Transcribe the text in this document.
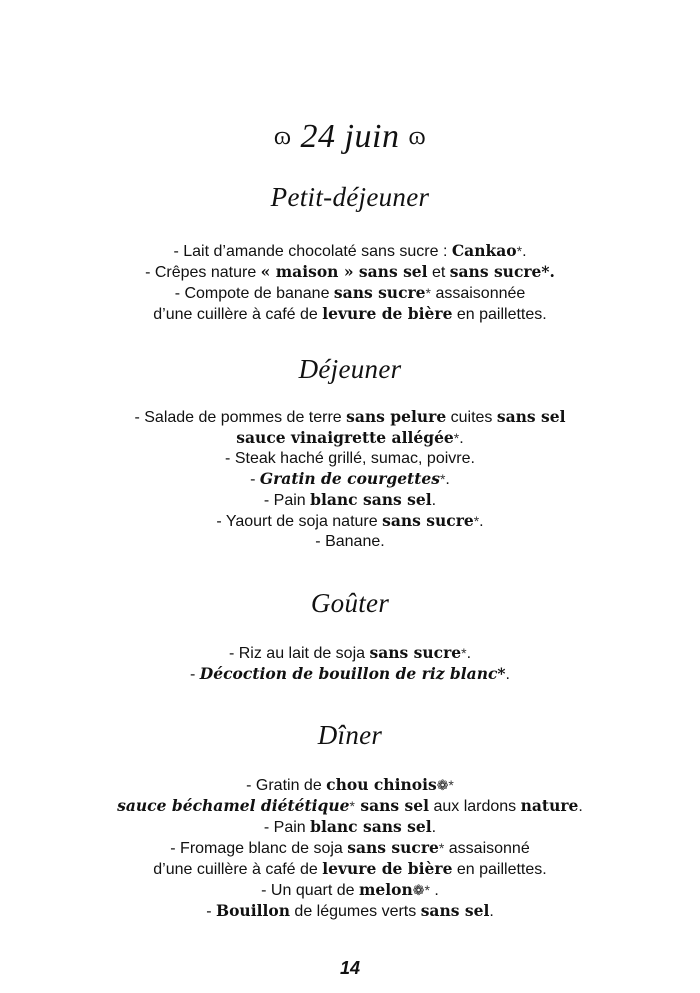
ɷ 24 juin ɷ
Petit-déjeuner
- Lait d’amande chocolaté sans sucre : Cankao*.
- Crêpes nature « maison » sans sel et sans sucre*.
- Compote de banane sans sucre* assaisonnée
d’une cuillère à café de levure de bière en paillettes.
Déjeuner
- Salade de pommes de terre sans pelure cuites sans sel
sauce vinaigrette allégée*.
- Steak haché grillé, sumac, poivre.
- Gratin de courgettes*.
- Pain blanc sans sel.
- Yaourt de soja nature sans sucre*.
- Banane.
Goûter
- Riz au lait de soja sans sucre*.
- Décoction de bouillon de riz blanc*.
Dîner
- Gratin de chou chinois❁*
sauce béchamel diététique* sans sel aux lardons nature.
- Pain blanc sans sel.
- Fromage blanc de soja sans sucre* assaisonné
d’une cuillère à café de levure de bière en paillettes.
- Un quart de melon❁* .
- Bouillon de légumes verts sans sel.
14
